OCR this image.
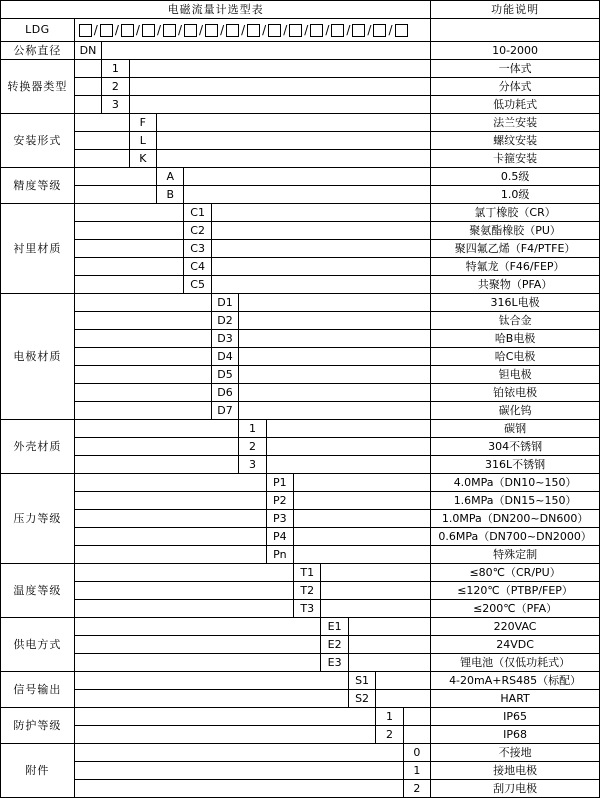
电磁流量计选型表														功能说明
LDG	/ / / / / / / / / / / / / / /

公称直径	DN													10-2000
转换器类型		1												一体式
		2												分体式
		3												低功耗式
安装形式			F											法兰安装
			L											螺纹安装
			K											卡箍安装
精度等级				A										0.5级
				B										1.0级
衬里材质					C1									氯丁橡胶（CR）
					C2									聚氨酯橡胶（PU）
					C3									聚四氟乙烯（F4/PTFE）
					C4									特氟龙（F46/FEP）
					C5									共聚物（PFA）
电极材质						D1								316L电极
						D2								钛合金
						D3								哈B电极
						D4								哈C电极
						D5								钽电极
						D6								铂铱电极
						D7								碳化钨
外壳材质							1							碳钢
							2							304不锈钢
							3							316L不锈钢
压力等级								P1						4.0MPa（DN10~150）
								P2						1.6MPa（DN15~150）
								P3						1.0MPa（DN200~DN600）
								P4						0.6MPa（DN700~DN2000）
								Pn						特殊定制
温度等级									T1					≤80℃（CR/PU）
									T2					≤120℃（PTBP/FEP）
									T3					≤200℃（PFA）
供电方式										E1				220VAC
										E2				24VDC
										E3				锂电池（仅低功耗式）
信号输出											S1			4-20mA+RS485（标配）
											S2			HART
防护等级												1		IP65
												2		IP68
附件													0	不接地
													1	接地电极
													2	刮刀电极
